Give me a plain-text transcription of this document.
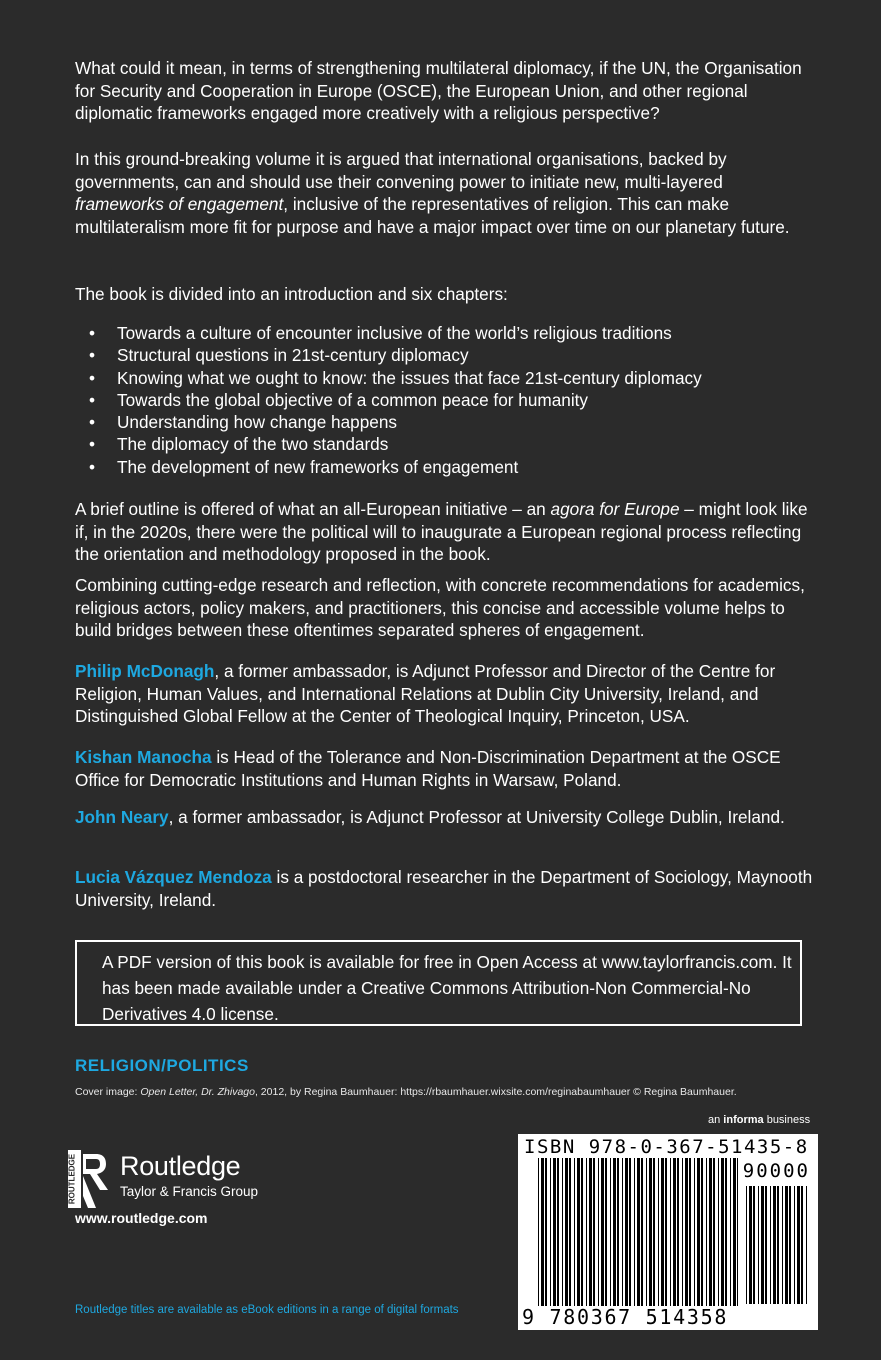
What could it mean, in terms of strengthening multilateral diplomacy, if the UN, the Organisation for Security and Cooperation in Europe (OSCE), the European Union, and other regional diplomatic frameworks engaged more creatively with a religious perspective?

In this ground-breaking volume it is argued that international organisations, backed by governments, can and should use their convening power to initiate new, multi-layered
frameworks of engagement, inclusive of the representatives of religion. This can make multilateralism more fit for purpose and have a major impact over time on our planetary future.

The book is divided into an introduction and six chapters:

• Towards a culture of encounter inclusive of the world’s religious traditions
• Structural questions in 21st-century diplomacy
• Knowing what we ought to know: the issues that face 21st-century diplomacy
• Towards the global objective of a common peace for humanity
• Understanding how change happens
• The diplomacy of the two standards
• The development of new frameworks of engagement

A brief outline is offered of what an all-European initiative – an agora for Europe – might look like if, in the 2020s, there were the political will to inaugurate a European regional process reflecting the orientation and methodology proposed in the book.

Combining cutting-edge research and reflection, with concrete recommendations for academics, religious actors, policy makers, and practitioners, this concise and accessible volume helps to build bridges between these oftentimes separated spheres of engagement.

Philip McDonagh, a former ambassador, is Adjunct Professor and Director of the Centre for Religion, Human Values, and International Relations at Dublin City University, Ireland, and Distinguished Global Fellow at the Center of Theological Inquiry, Princeton, USA.

Kishan Manocha is Head of the Tolerance and Non-Discrimination Department at the OSCE Office for Democratic Institutions and Human Rights in Warsaw, Poland.

John Neary, a former ambassador, is Adjunct Professor at University College Dublin, Ireland.

Lucia Vázquez Mendoza is a postdoctoral researcher in the Department of Sociology, Maynooth University, Ireland.

A PDF version of this book is available for free in Open Access at www.taylorfrancis.com. It has been made available under a Creative Commons Attribution-Non Commercial-No Derivatives 4.0 license.
RELIGION/POLITICS
Cover image: Open Letter, Dr. Zhivago, 2012, by Regina Baumhauer: https://rbaumhauer.wixsite.com/reginabaumhauer © Regina Baumhauer.
an informa business
ROUTLEDGE Routledge
Taylor & Francis Group
www.routledge.com
ISBN 978-0-367-51435-8
90000
9 780367 514358
Routledge titles are available as eBook editions in a range of digital formats
